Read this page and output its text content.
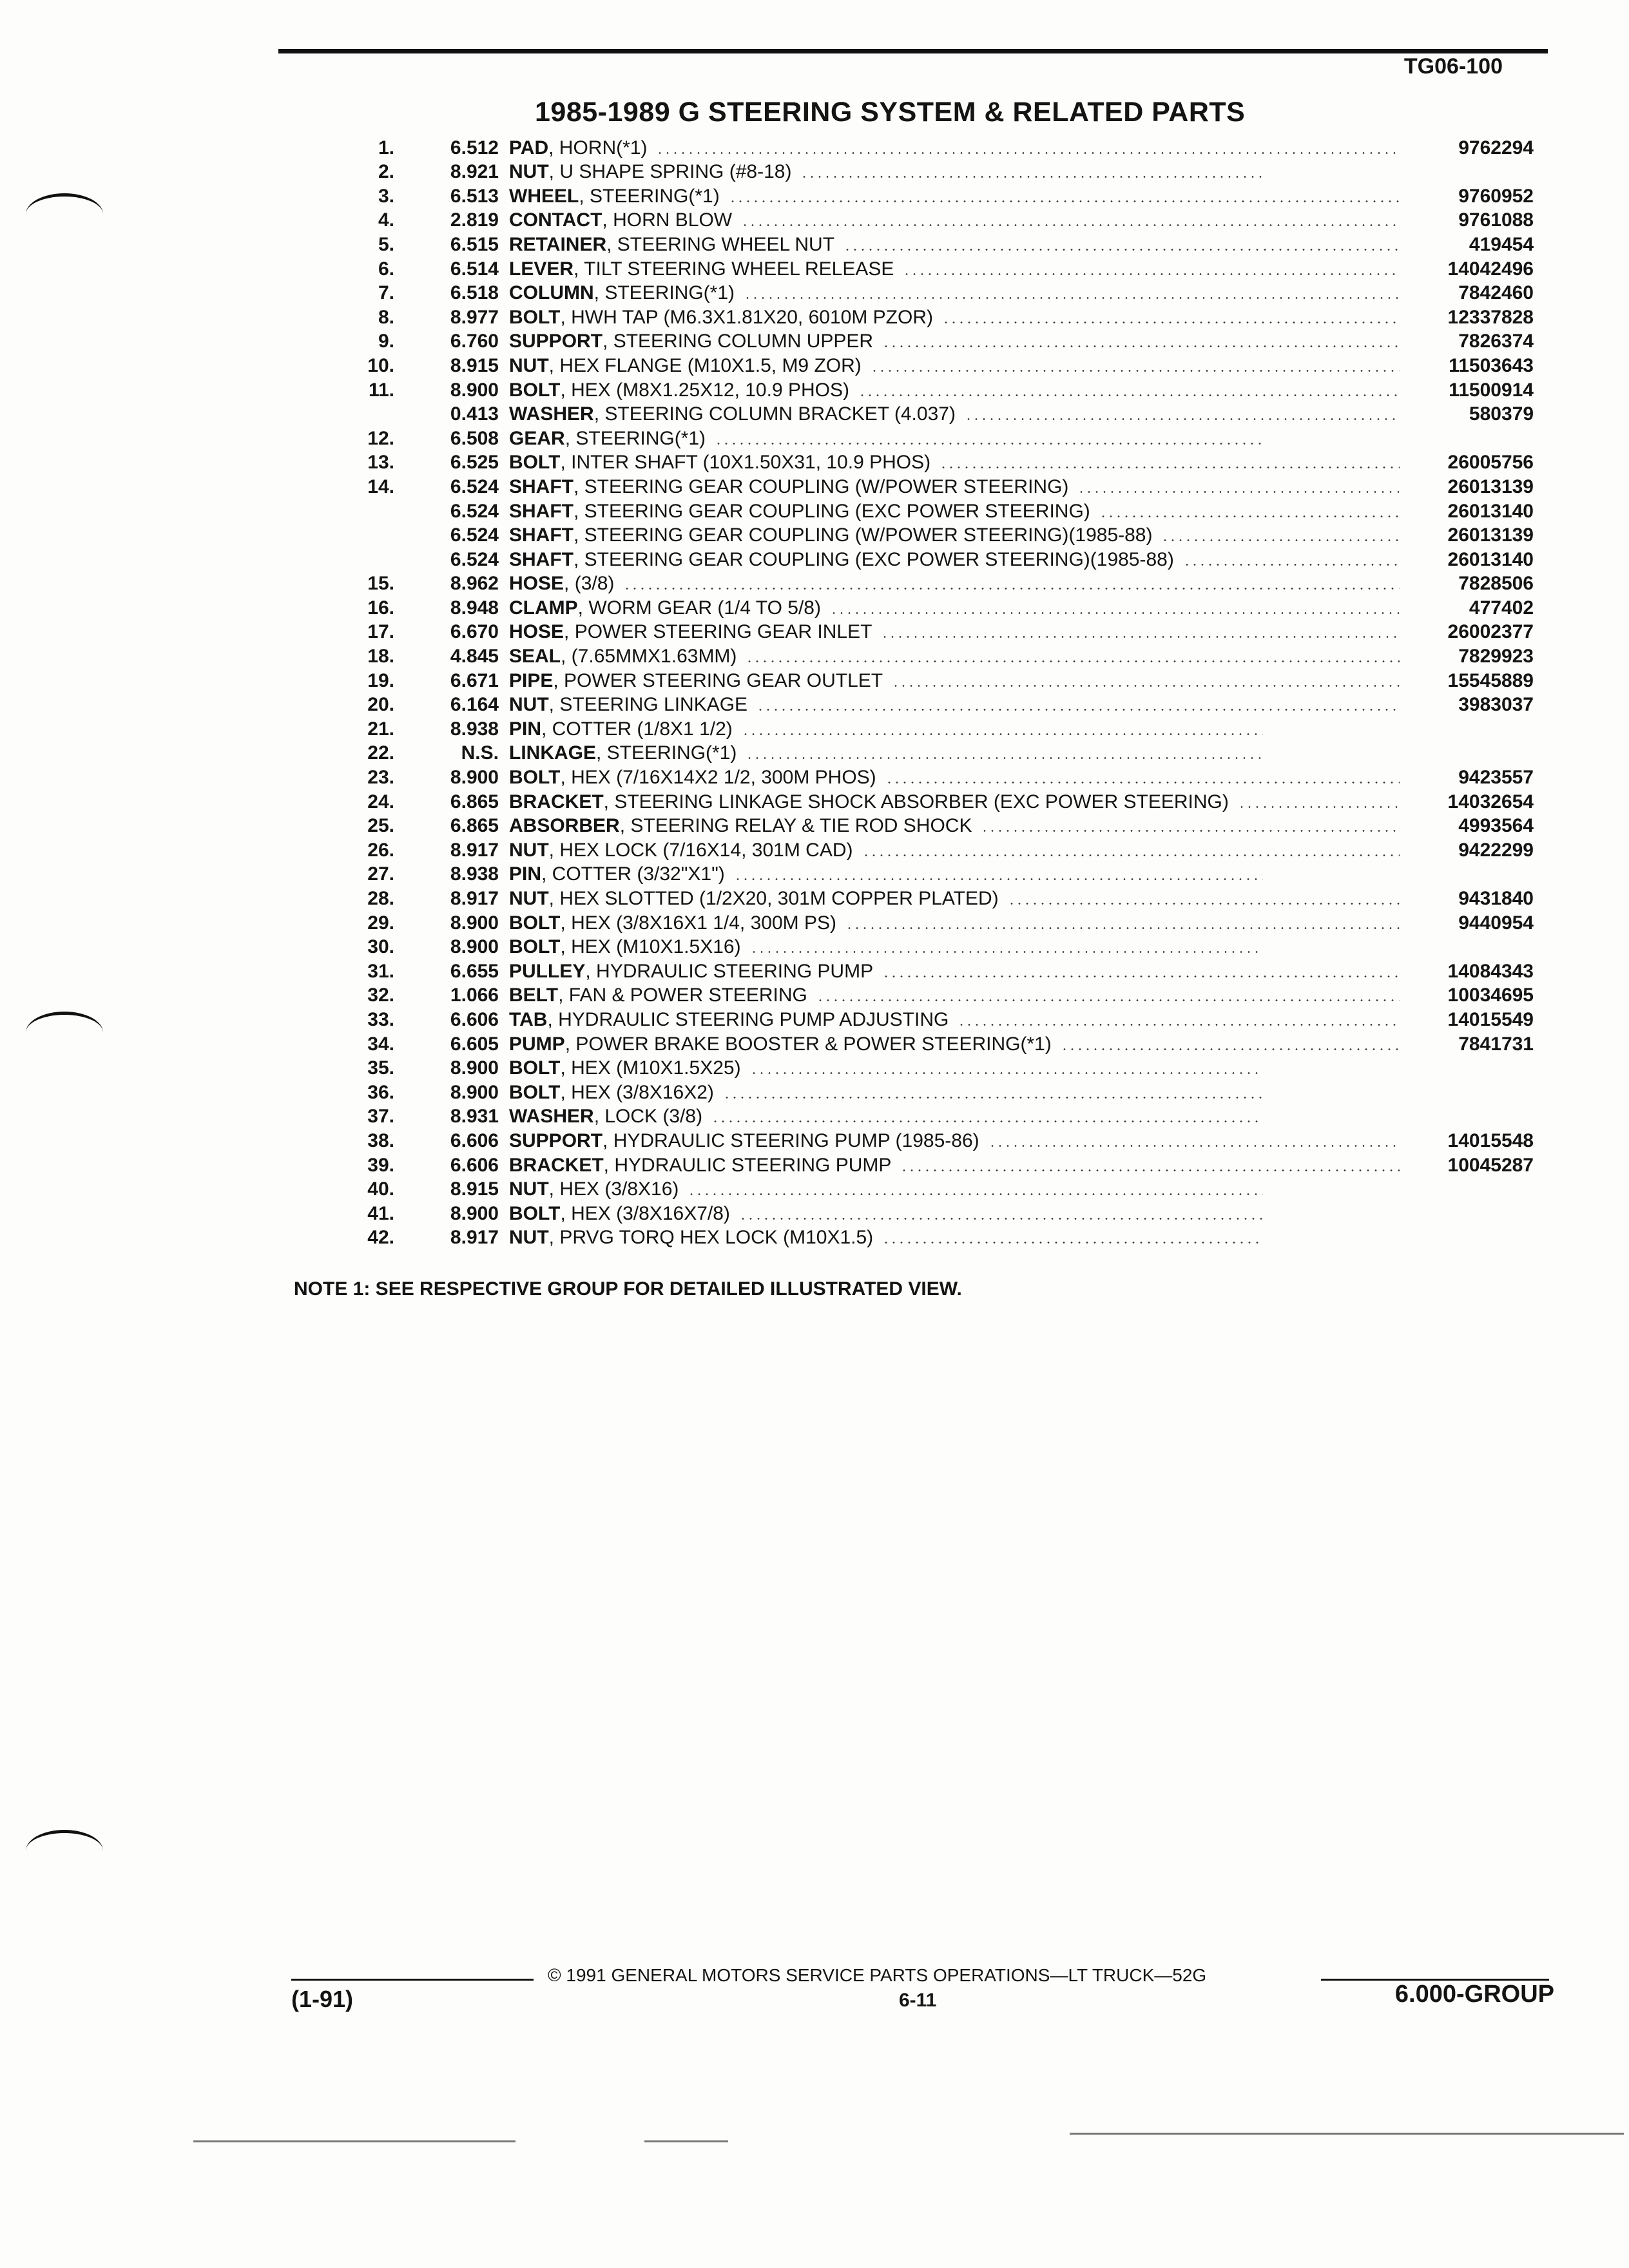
TG06-100
1985-1989 G STEERING SYSTEM & RELATED PARTS
1.	6.512 PAD , HORN(*1)	9762294
2.	8.921 NUT , U SHAPE SPRING (#8-18)
3.	6.513 WHEEL , STEERING(*1)	9760952
4.	2.819 CONTACT , HORN BLOW	9761088
5.	6.515 RETAINER , STEERING WHEEL NUT	419454
6.	6.514 LEVER , TILT STEERING WHEEL RELEASE	14042496
7.	6.518 COLUMN , STEERING(*1)	7842460
8.	8.977 BOLT , HWH TAP (M6.3X1.81X20, 6010M PZOR)	12337828
9.	6.760 SUPPORT , STEERING COLUMN UPPER	7826374
10.	8.915 NUT , HEX FLANGE (M10X1.5, M9 ZOR)	11503643
11.	8.900 BOLT , HEX (M8X1.25X12, 10.9 PHOS)	11500914
0.413 WASHER , STEERING COLUMN BRACKET (4.037)	580379
12.	6.508 GEAR , STEERING(*1)
13.	6.525 BOLT , INTER SHAFT (10X1.50X31, 10.9 PHOS)	26005756
14.	6.524 SHAFT , STEERING GEAR COUPLING (W/POWER STEERING)	26013139
6.524 SHAFT , STEERING GEAR COUPLING (EXC POWER STEERING)	26013140
6.524 SHAFT , STEERING GEAR COUPLING (W/POWER STEERING)(1985-88)	26013139
6.524 SHAFT , STEERING GEAR COUPLING (EXC POWER STEERING)(1985-88)	26013140
15.	8.962 HOSE , (3/8)	7828506
16.	8.948 CLAMP , WORM GEAR (1/4 TO 5/8)	477402
17.	6.670 HOSE , POWER STEERING GEAR INLET	26002377
18.	4.845 SEAL , (7.65MMX1.63MM)	7829923
19.	6.671 PIPE , POWER STEERING GEAR OUTLET	15545889
20.	6.164 NUT , STEERING LINKAGE	3983037
21.	8.938 PIN , COTTER (1/8X1 1/2)
22.	N.S. LINKAGE , STEERING(*1)
23.	8.900 BOLT , HEX (7/16X14X2 1/2, 300M PHOS)	9423557
24.	6.865 BRACKET , STEERING LINKAGE SHOCK ABSORBER (EXC POWER STEERING)	14032654
25.	6.865 ABSORBER , STEERING RELAY & TIE ROD SHOCK	4993564
26.	8.917 NUT , HEX LOCK (7/16X14, 301M CAD)	9422299
27.	8.938 PIN , COTTER (3/32"X1")
28.	8.917 NUT , HEX SLOTTED (1/2X20, 301M COPPER PLATED)	9431840
29.	8.900 BOLT , HEX (3/8X16X1 1/4, 300M PS)	9440954
30.	8.900 BOLT , HEX (M10X1.5X16)
31.	6.655 PULLEY , HYDRAULIC STEERING PUMP	14084343
32.	1.066 BELT , FAN & POWER STEERING	10034695
33.	6.606 TAB , HYDRAULIC STEERING PUMP ADJUSTING	14015549
34.	6.605 PUMP , POWER BRAKE BOOSTER & POWER STEERING(*1)	7841731
35.	8.900 BOLT , HEX (M10X1.5X25)
36.	8.900 BOLT , HEX (3/8X16X2)
37.	8.931 WASHER , LOCK (3/8)
38.	6.606 SUPPORT , HYDRAULIC STEERING PUMP (1985-86)	14015548
39.	6.606 BRACKET , HYDRAULIC STEERING PUMP	10045287
40.	8.915 NUT , HEX (3/8X16)
41.	8.900 BOLT , HEX (3/8X16X7/8)
42.	8.917 NUT , PRVG TORQ HEX LOCK (M10X1.5)
NOTE 1: SEE RESPECTIVE GROUP FOR DETAILED ILLUSTRATED VIEW.
© 1991 GENERAL MOTORS SERVICE PARTS OPERATIONS—LT TRUCK—52G
(1-91)	6-11	6.000-GROUP
